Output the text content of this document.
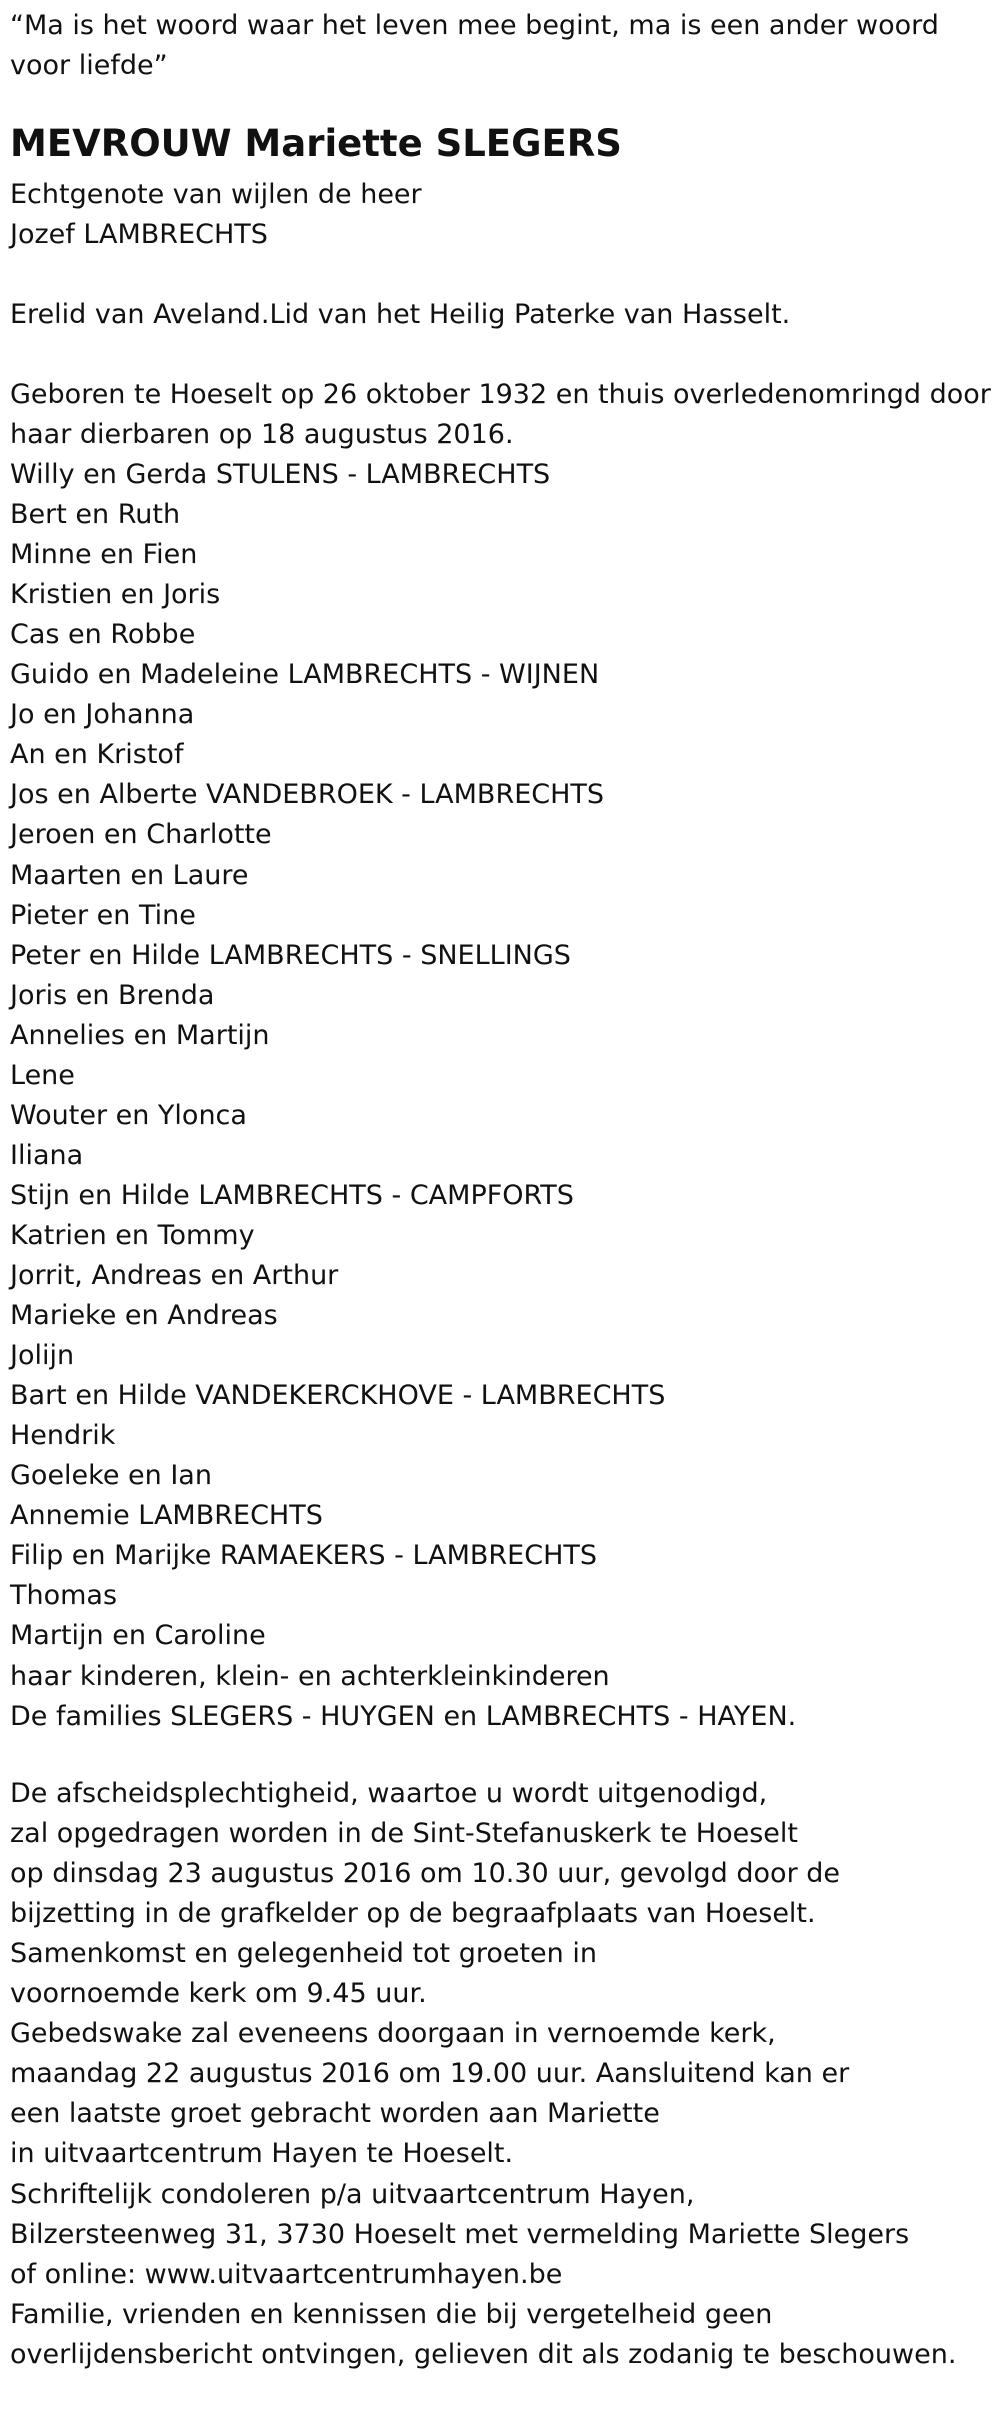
“Ma is het woord waar het leven mee begint, ma is een ander woord
voor liefde”
MEVROUW Mariette SLEGERS
Echtgenote van wijlen de heer
Jozef LAMBRECHTS
Erelid van Aveland.Lid van het Heilig Paterke van Hasselt.
Geboren te Hoeselt op 26 oktober 1932 en thuis overledenomringd door
haar dierbaren op 18 augustus 2016.
Willy en Gerda STULENS - LAMBRECHTS
Bert en Ruth
Minne en Fien
Kristien en Joris
Cas en Robbe
Guido en Madeleine LAMBRECHTS - WIJNEN
Jo en Johanna
An en Kristof
Jos en Alberte VANDEBROEK - LAMBRECHTS
Jeroen en Charlotte
Maarten en Laure
Pieter en Tine
Peter en Hilde LAMBRECHTS - SNELLINGS
Joris en Brenda
Annelies en Martijn
Lene
Wouter en Ylonca
Iliana
Stijn en Hilde LAMBRECHTS - CAMPFORTS
Katrien en Tommy
Jorrit, Andreas en Arthur
Marieke en Andreas
Jolijn
Bart en Hilde VANDEKERCKHOVE - LAMBRECHTS
Hendrik
Goeleke en Ian
Annemie LAMBRECHTS
Filip en Marijke RAMAEKERS - LAMBRECHTS
Thomas
Martijn en Caroline
haar kinderen, klein- en achterkleinkinderen
De families SLEGERS - HUYGEN en LAMBRECHTS - HAYEN.
De afscheidsplechtigheid, waartoe u wordt uitgenodigd,
zal opgedragen worden in de Sint-Stefanuskerk te Hoeselt
op dinsdag 23 augustus 2016 om 10.30 uur, gevolgd door de
bijzetting in de grafkelder op de begraafplaats van Hoeselt.
Samenkomst en gelegenheid tot groeten in
voornoemde kerk om 9.45 uur.
Gebedswake zal eveneens doorgaan in vernoemde kerk,
maandag 22 augustus 2016 om 19.00 uur. Aansluitend kan er
een laatste groet gebracht worden aan Mariette
in uitvaartcentrum Hayen te Hoeselt.
Schriftelijk condoleren p/a uitvaartcentrum Hayen,
Bilzersteenweg 31, 3730 Hoeselt met vermelding Mariette Slegers
of online: www.uitvaartcentrumhayen.be
Familie, vrienden en kennissen die bij vergetelheid geen
overlijdensbericht ontvingen, gelieven dit als zodanig te beschouwen.
